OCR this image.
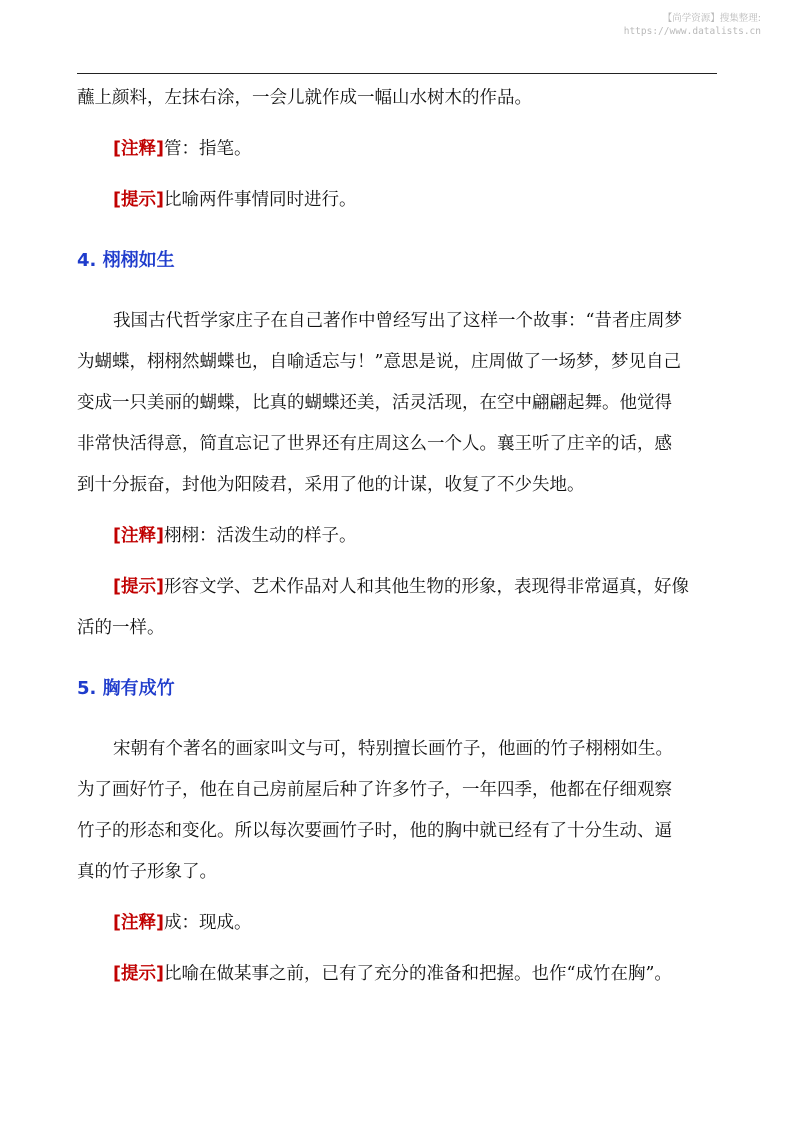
【尚学资源】搜集整理:
https://www.datalists.cn

蘸上颜料，左抹右涂，一会儿就作成一幅山水树木的作品。

[注释]管：指笔。

[提示]比喻两件事情同时进行。

4. 栩栩如生

我国古代哲学家庄子在自己著作中曾经写出了这样一个故事：“昔者庄周梦

为蝴蝶，栩栩然蝴蝶也，自喻适忘与！”意思是说，庄周做了一场梦，梦见自己

变成一只美丽的蝴蝶，比真的蝴蝶还美，活灵活现，在空中翩翩起舞。他觉得

非常快活得意，简直忘记了世界还有庄周这么一个人。襄王听了庄辛的话，感

到十分振奋，封他为阳陵君，采用了他的计谋，收复了不少失地。

[注释]栩栩：活泼生动的样子。

[提示]形容文学、艺术作品对人和其他生物的形象，表现得非常逼真，好像

活的一样。

5. 胸有成竹

宋朝有个著名的画家叫文与可，特别擅长画竹子，他画的竹子栩栩如生。

为了画好竹子，他在自己房前屋后种了许多竹子，一年四季，他都在仔细观察

竹子的形态和变化。所以每次要画竹子时，他的胸中就已经有了十分生动、逼

真的竹子形象了。

[注释]成：现成。

[提示]比喻在做某事之前，已有了充分的准备和把握。也作“成竹在胸”。
